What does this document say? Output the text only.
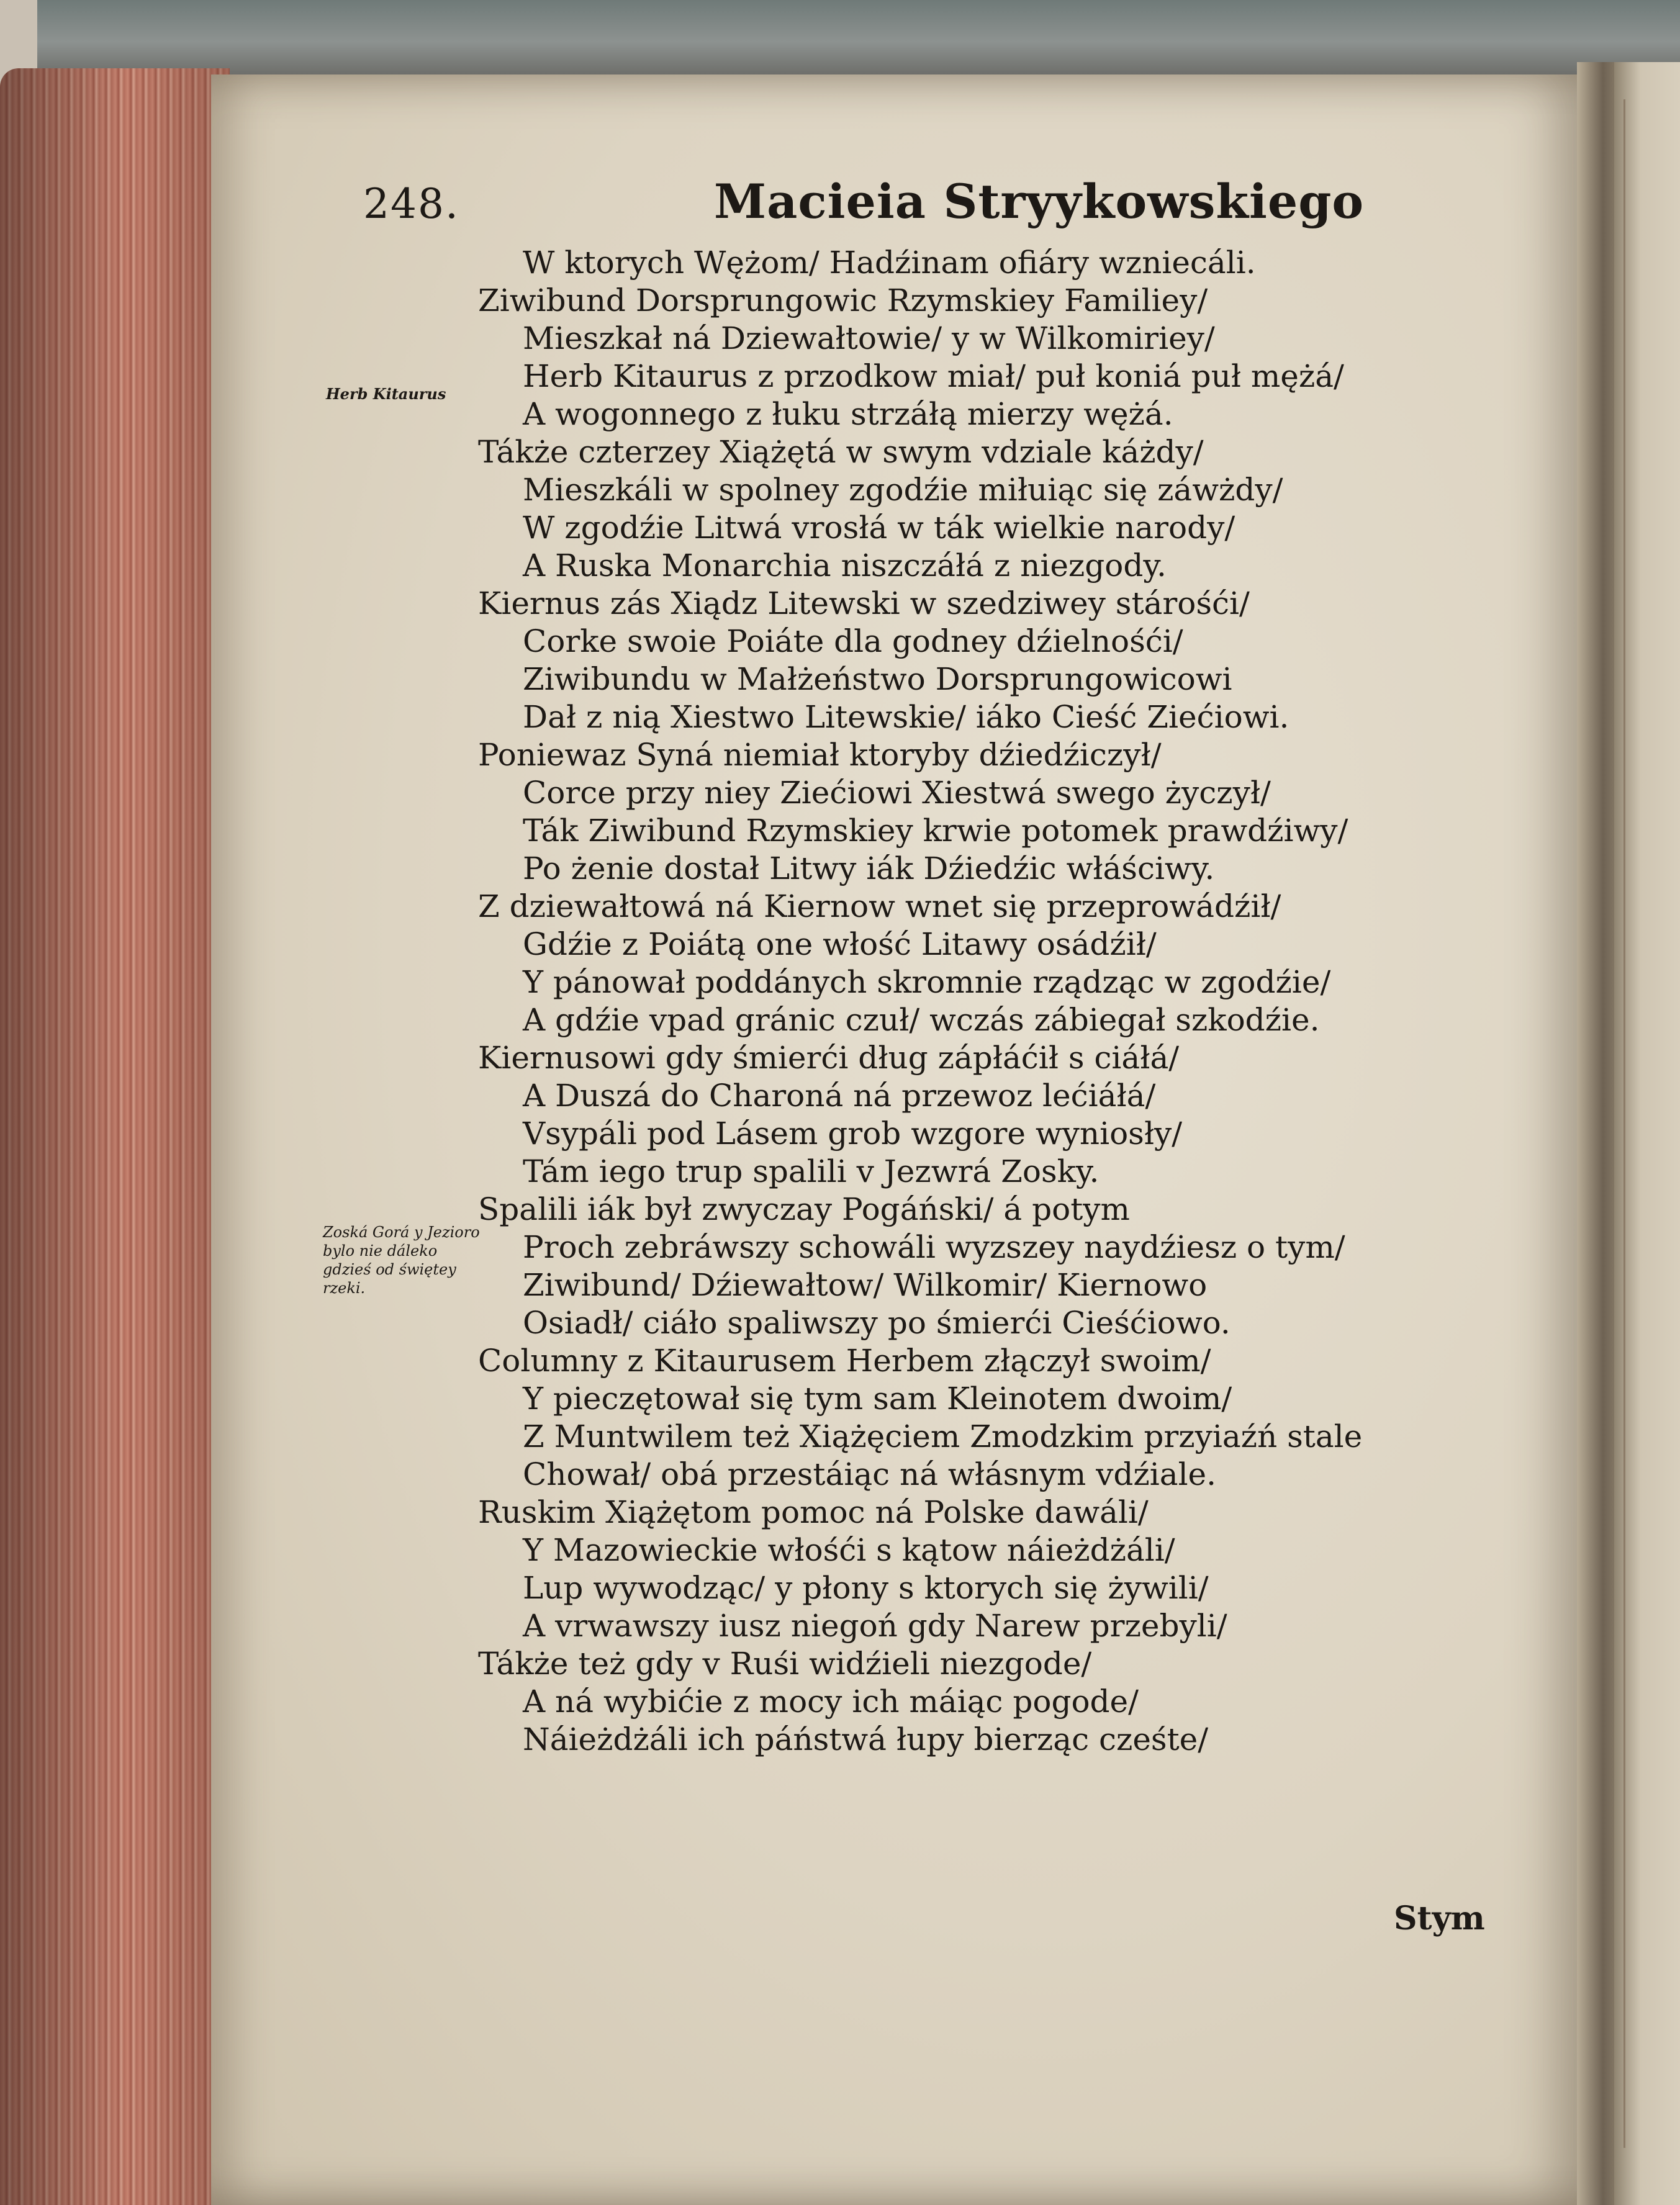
248.	Macieia Stryykowskiego
Herb Kitaurus
Zoská Gorá y Jezioro bylo nie dáleko gdzieś od świętey rzeki.
W ktorych Wężom/ Hadźinam ofiáry wzniecáli.
Ziwibund Dorsprungowic Rzymskiey Familiey/
Mieszkał ná Dziewałtowie/ y w Wilkomiriey/
Herb Kitaurus z przodkow miał/ puł koniá puł mężá/
A wogonnego z łuku strzáłą mierzy wężá.
Tákże czterzey Xiążętá w swym vdziale káżdy/
Mieszkáli w spolney zgodźie miłuiąc się záwżdy/
W zgodźie Litwá vrosłá w ták wielkie narody/
A Ruska Monarchia niszczáłá z niezgody.
Kiernus zás Xiądz Litewski w szedziwey stárośći/
Corke swoie Poiáte dla godney dźielnośći/
Ziwibundu w Małżeństwo Dorsprungowicowi
Dał z nią Xiestwo Litewskie/ iáko Cieść Ziećiowi.
Poniewaz Syná niemiał ktoryby dźiedźiczył/
Corce przy niey Ziećiowi Xiestwá swego życzył/
Ták Ziwibund Rzymskiey krwie potomek prawdźiwy/
Po żenie dostał Litwy iák Dźiedźic włáściwy.
Z dziewałtowá ná Kiernow wnet się przeprowádźił/
Gdźie z Poiátą one włość Litawy osádźił/
Y pánował poddánych skromnie rządząc w zgodźie/
A gdźie vpad gránic czuł/ wczás zábiegał szkodźie.
Kiernusowi gdy śmierći dług zápłáćił s ciáłá/
A Duszá do Charoná ná przewoz lećiáłá/
Vsypáli pod Lásem grob wzgore wyniosły/
Tám iego trup spalili v Jezwrá Zosky.
Spalili iák był zwyczay Pogáński/ á potym
Proch zebráwszy schowáli wyzszey naydźiesz o tym/
Ziwibund/ Dźiewałtow/ Wilkomir/ Kiernowo
Osiadł/ ciáło spaliwszy po śmierći Cieśćiowo.
Columny z Kitaurusem Herbem złączył swoim/
Y pieczętował się tym sam Kleinotem dwoim/
Z Muntwilem też Xiążęciem Zmodzkim przyiaźń stale
Chował/ obá przestáiąc ná włásnym vdźiale.
Ruskim Xiążętom pomoc ná Polske dawáli/
Y Mazowieckie włośći s kątow náieżdżáli/
Lup wywodząc/ y płony s ktorych się żywili/
A vrwawszy iusz niegoń gdy Narew przebyli/
Tákże też gdy v Ruśi widźieli niezgode/
A ná wybićie z mocy ich máiąc pogode/
Náieżdżáli ich páństwá łupy bierząc cześte/
Stym
